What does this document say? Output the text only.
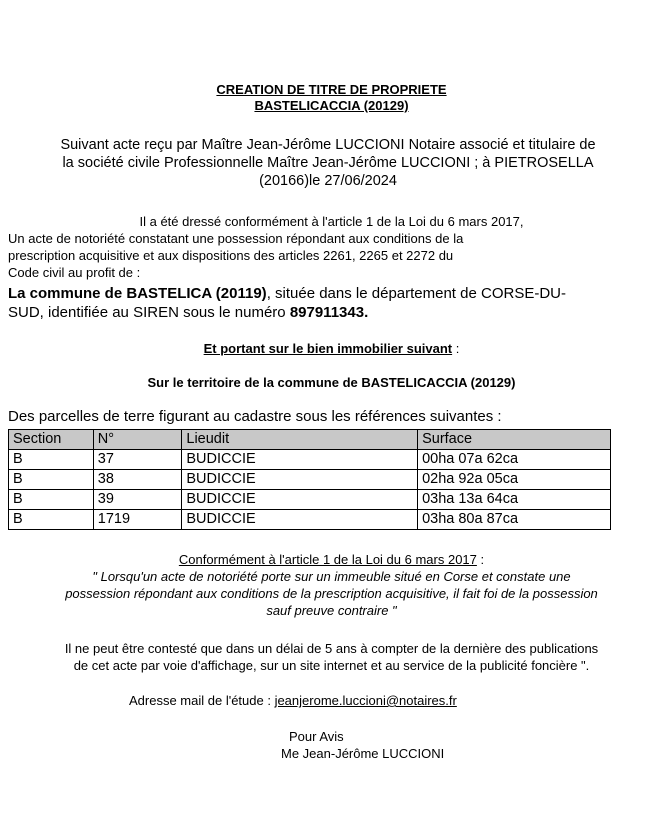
CREATION DE TITRE DE PROPRIETE
BASTELICACCIA (20129)
Suivant acte reçu par Maître Jean-Jérôme LUCCIONI Notaire associé et titulaire de
la société civile Professionnelle Maître Jean-Jérôme LUCCIONI ; à PIETROSELLA
(20166)le 27/06/2024
Il a été dressé conformément à l'article 1 de la Loi du 6 mars 2017,
Un acte de notoriété constatant une possession répondant aux conditions de la
prescription acquisitive et aux dispositions des articles 2261, 2265 et 2272 du
Code civil au profit de :
La commune de BASTELICA (20119), située dans le département de CORSE-DU-
SUD, identifiée au SIREN sous le numéro 897911343.
Et portant sur le bien immobilier suivant :
Sur le territoire de la commune de BASTELICACCIA (20129)
Des parcelles de terre figurant au cadastre sous les références suivantes :
Section	N°	Lieudit	Surface
B	37	BUDICCIE	00ha 07a 62ca
B	38	BUDICCIE	02ha 92a 05ca
B	39	BUDICCIE	03ha 13a 64ca
B	1719	BUDICCIE	03ha 80a 87ca
Conformément à l'article 1 de la Loi du 6 mars 2017 :
" Lorsqu'un acte de notoriété porte sur un immeuble situé en Corse et constate une
possession répondant aux conditions de la prescription acquisitive, il fait foi de la possession
sauf preuve contraire "
Il ne peut être contesté que dans un délai de 5 ans à compter de la dernière des publications
de cet acte par voie d'affichage, sur un site internet et au service de la publicité foncière ".
Adresse mail de l'étude : jeanjerome.luccioni@notaires.fr
Pour Avis
Me Jean-Jérôme LUCCIONI
